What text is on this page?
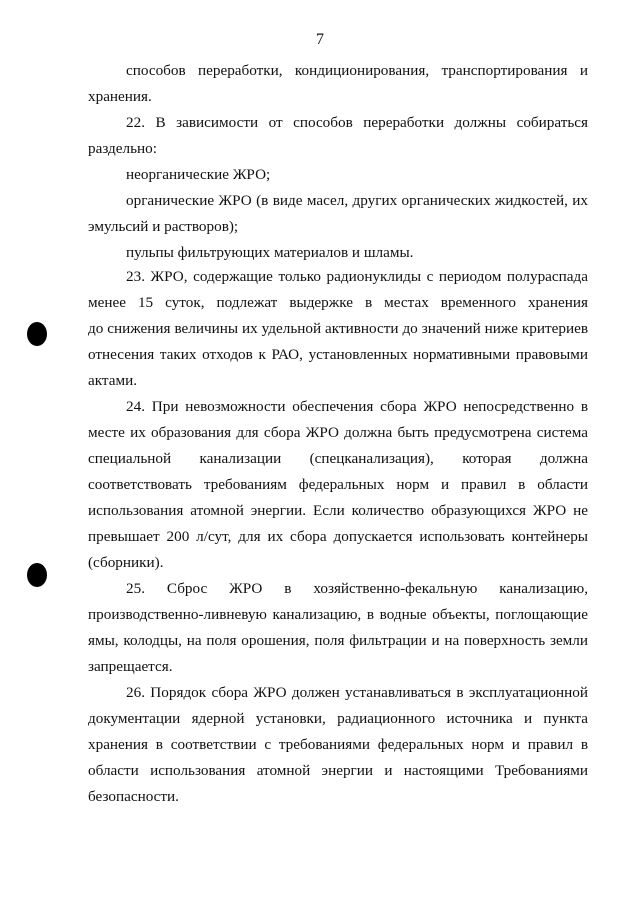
7
способов переработки, кондиционирования, транспортирования и
хранения.
22. В зависимости от способов переработки должны собираться
раздельно:
неорганические ЖРО;
органические ЖРО (в виде масел, других органических жидкостей, их
эмульсий и растворов);
пульпы фильтрующих материалов и шламы.
23. ЖРО, содержащие только радионуклиды с периодом полураспада
менее 15 суток, подлежат выдержке в местах временного хранения
до снижения величины их удельной активности до значений ниже критериев
отнесения таких отходов к РАО, установленных нормативными правовыми
актами.
24. При невозможности обеспечения сбора ЖРО непосредственно в
месте их образования для сбора ЖРО должна быть предусмотрена система
специальной канализации (спецканализация), которая должна
соответствовать требованиям федеральных норм и правил в области
использования атомной энергии. Если количество образующихся ЖРО не
превышает 200 л/сут, для их сбора допускается использовать контейнеры
(сборники).
25. Сброс ЖРО в хозяйственно-фекальную канализацию,
производственно-ливневую канализацию, в водные объекты, поглощающие
ямы, колодцы, на поля орошения, поля фильтрации и на поверхность земли
запрещается.
26. Порядок сбора ЖРО должен устанавливаться в эксплуатационной
документации ядерной установки, радиационного источника и пункта
хранения в соответствии с требованиями федеральных норм и правил в
области использования атомной энергии и настоящими Требованиями
безопасности.
